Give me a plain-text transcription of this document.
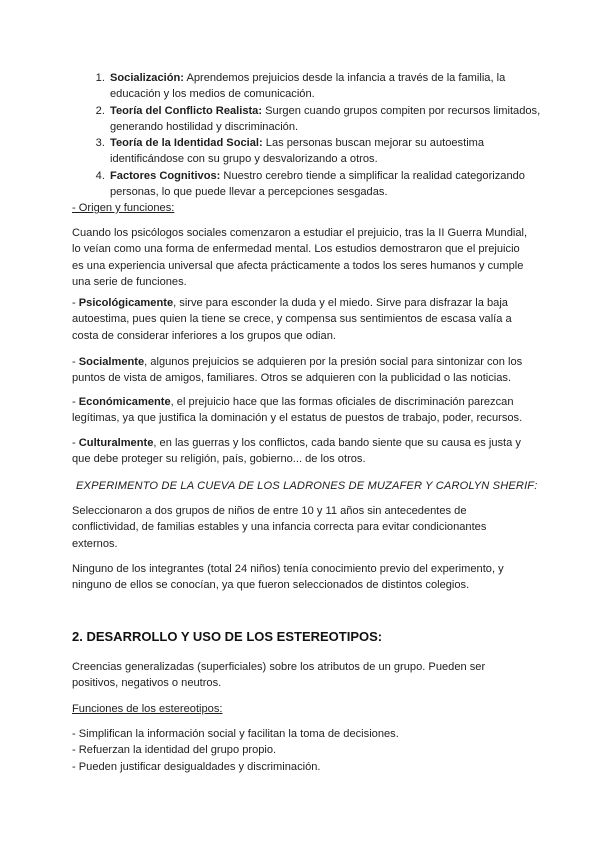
1. Socialización: Aprendemos prejuicios desde la infancia a través de la familia, la educación y los medios de comunicación.
2. Teoría del Conflicto Realista: Surgen cuando grupos compiten por recursos limitados, generando hostilidad y discriminación.
3. Teoría de la Identidad Social: Las personas buscan mejorar su autoestima identificándose con su grupo y desvalorizando a otros.
4. Factores Cognitivos: Nuestro cerebro tiende a simplificar la realidad categorizando personas, lo que puede llevar a percepciones sesgadas.

- Origen y funciones:

Cuando los psicólogos sociales comenzaron a estudiar el prejuicio, tras la II Guerra Mundial, lo veían como una forma de enfermedad mental. Los estudios demostraron que el prejuicio es una experiencia universal que afecta prácticamente a todos los seres humanos y cumple una serie de funciones.

- Psicológicamente, sirve para esconder la duda y el miedo. Sirve para disfrazar la baja autoestima, pues quien la tiene se crece, y compensa sus sentimientos de escasa valía a costa de considerar inferiores a los grupos que odian.

- Socialmente, algunos prejuicios se adquieren por la presión social para sintonizar con los puntos de vista de amigos, familiares. Otros se adquieren con la publicidad o las noticias.

- Económicamente, el prejuicio hace que las formas oficiales de discriminación parezcan legítimas, ya que justifica la dominación y el estatus de puestos de trabajo, poder, recursos.

- Culturalmente, en las guerras y los conflictos, cada bando siente que su causa es justa y que debe proteger su religión, país, gobierno... de los otros.

EXPERIMENTO DE LA CUEVA DE LOS LADRONES DE MUZAFER Y CAROLYN SHERIF:

Seleccionaron a dos grupos de niños de entre 10 y 11 años sin antecedentes de conflictividad, de familias estables y una infancia correcta para evitar condicionantes externos.

Ninguno de los integrantes (total 24 niños) tenía conocimiento previo del experimento, y ninguno de ellos se conocían, ya que fueron seleccionados de distintos colegios.

2. DESARROLLO Y USO DE LOS ESTEREOTIPOS:

Creencias generalizadas (superficiales) sobre los atributos de un grupo. Pueden ser positivos, negativos o neutros.

Funciones de los estereotipos:

- Simplifican la información social y facilitan la toma de decisiones.
- Refuerzan la identidad del grupo propio.
- Pueden justificar desigualdades y discriminación.
